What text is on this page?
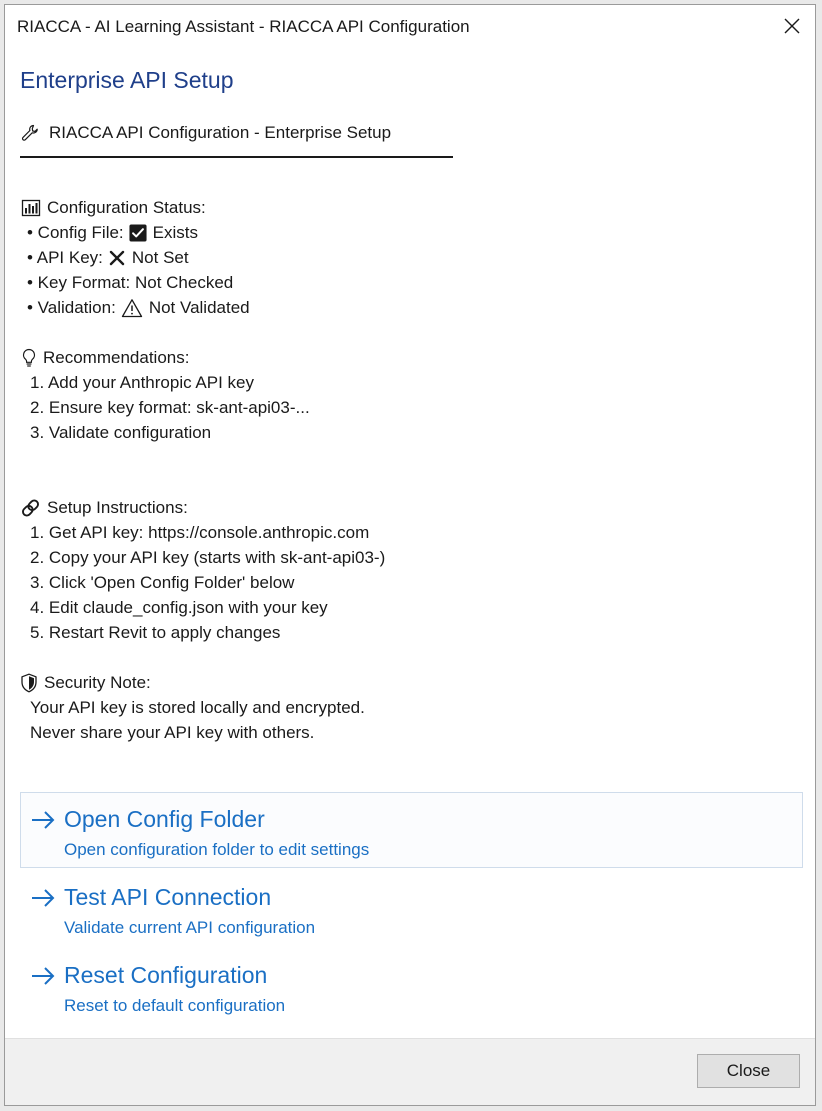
RIACCA - AI Learning Assistant - RIACCA API Configuration
Enterprise API Setup
RIACCA API Configuration - Enterprise Setup
Configuration Status:
• Config File: Exists
• API Key: Not Set
• Key Format: Not Checked
• Validation: Not Validated
Recommendations:
1. Add your Anthropic API key
2. Ensure key format: sk-ant-api03-...
3. Validate configuration
Setup Instructions:
1. Get API key: https://console.anthropic.com
2. Copy your API key (starts with sk-ant-api03-)
3. Click 'Open Config Folder' below
4. Edit claude_config.json with your key
5. Restart Revit to apply changes
Security Note:
Your API key is stored locally and encrypted.
Never share your API key with others.
Open Config Folder
Open configuration folder to edit settings
Test API Connection
Validate current API configuration
Reset Configuration
Reset to default configuration
Close
